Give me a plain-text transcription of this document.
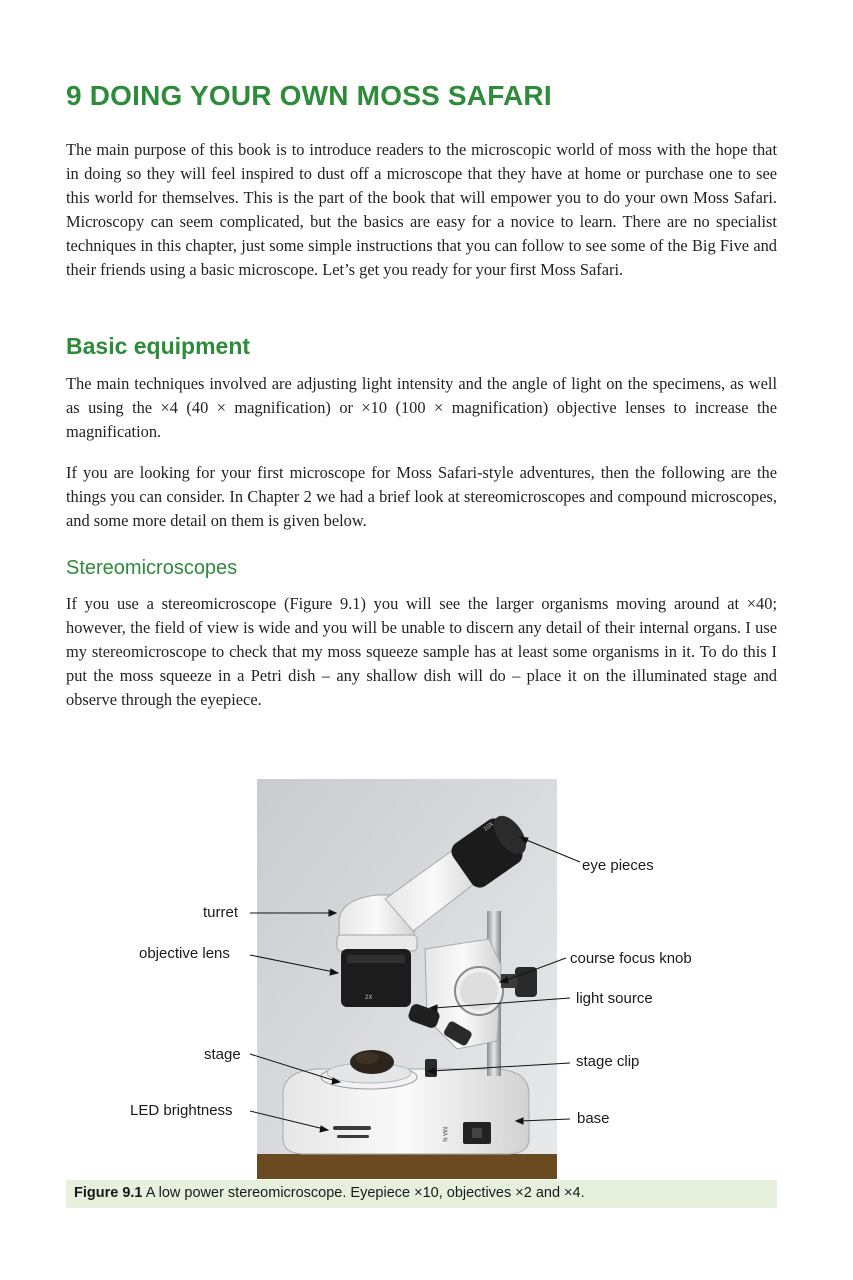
9 DOING YOUR OWN MOSS SAFARI

The main purpose of this book is to introduce readers to the microscopic world of moss with the hope that in doing so they will feel inspired to dust off a microscope that they have at home or purchase one to see this world for themselves. This is the part of the book that will empower you to do your own Moss Safari. Microscopy can seem complicated, but the basics are easy for a novice to learn. There are no specialist techniques in this chapter, just some simple instructions that you can follow to see some of the Big Five and their friends using a basic microscope. Let’s get you ready for your first Moss Safari.

Basic equipment

The main techniques involved are adjusting light intensity and the angle of light on the specimens, as well as using the ×4 (40 × magnification) or ×10 (100 × magnification) objective lenses to increase the magnification.

If you are looking for your first microscope for Moss Safari-style adventures, then the following are the things you can consider. In Chapter 2 we had a brief look at stereomicroscopes and compound microscopes, and some more detail on them is given below.

Stereomicroscopes

If you use a stereomicroscope (Figure 9.1) you will see the larger organisms moving around at ×40; however, the field of view is wide and you will be unable to discern any detail of their internal organs. I use my stereomicroscope to check that my moss squeeze sample has at least some organisms in it. To do this I put the moss squeeze in a Petri dish – any shallow dish will do – place it on the illuminated stage and observe through the eyepiece.

10X
2X
MA N
eye pieces
turret
objective lens	course focus knob
light source
stage	stage clip
LED brightness	base
Figure 9.1 A low power stereomicroscope. Eyepiece ×10, objectives ×2 and ×4.
